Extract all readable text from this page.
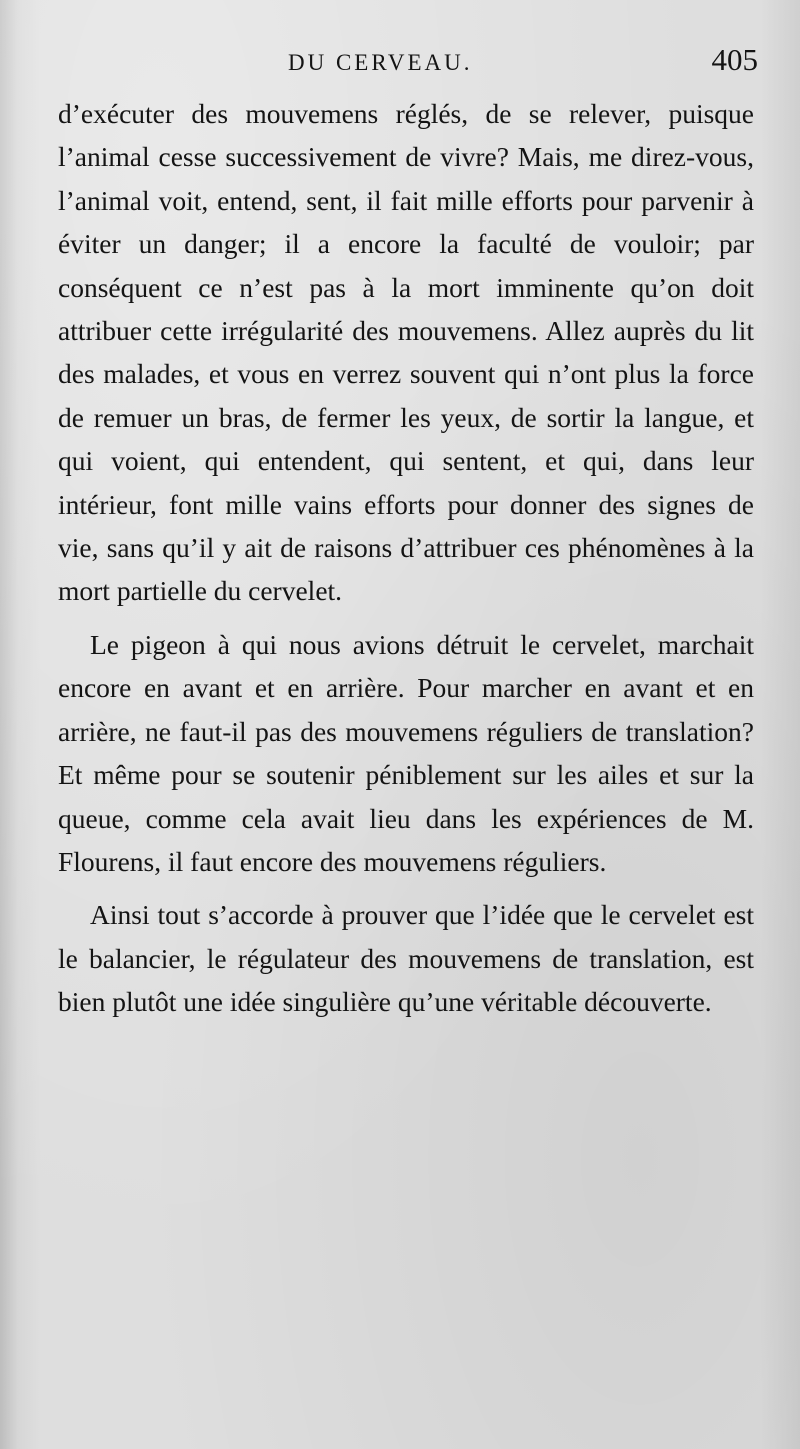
DU CERVEAU.	405

d’exécuter des mouvemens réglés, de se relever, puisque l’animal cesse successivement de vivre? Mais, me direz-vous, l’animal voit, entend, sent, il fait mille efforts pour parvenir à éviter un danger; il a encore la faculté de vouloir; par conséquent ce n’est pas à la mort imminente qu’on doit attribuer cette irrégularité des mouvemens. Allez auprès du lit des malades, et vous en verrez souvent qui n’ont plus la force de remuer un bras, de fermer les yeux, de sortir la langue, et qui voient, qui entendent, qui sentent, et qui, dans leur intérieur, font mille vains efforts pour donner des signes de vie, sans qu’il y ait de raisons d’attribuer ces phénomènes à la mort partielle du cervelet.

Le pigeon à qui nous avions détruit le cervelet, marchait encore en avant et en arrière. Pour marcher en avant et en arrière, ne faut-il pas des mouvemens réguliers de translation? Et même pour se soutenir péniblement sur les ailes et sur la queue, comme cela avait lieu dans les expériences de M. Flourens, il faut encore des mouvemens réguliers.

Ainsi tout s’accorde à prouver que l’idée que le cervelet est le balancier, le régulateur des mouvemens de translation, est bien plutôt une idée singulière qu’une véritable découverte.
